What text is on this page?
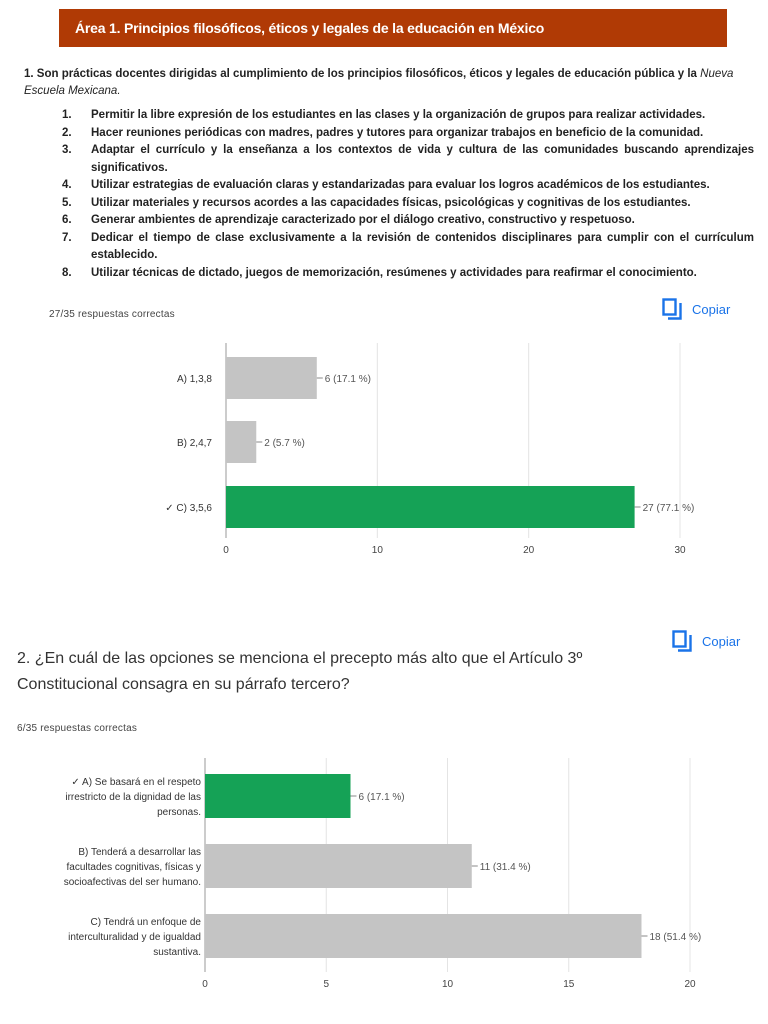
Área 1. Principios filosóficos, éticos y legales de la educación en México
1. Son prácticas docentes dirigidas al cumplimiento de los principios filosóficos, éticos y legales de educación pública y la Nueva Escuela Mexicana.
1. Permitir la libre expresión de los estudiantes en las clases y la organización de grupos para realizar actividades.
2. Hacer reuniones periódicas con madres, padres y tutores para organizar trabajos en beneficio de la comunidad.
3. Adaptar el currículo y la enseñanza a los contextos de vida y cultura de las comunidades buscando aprendizajes significativos.
4. Utilizar estrategias de evaluación claras y estandarizadas para evaluar los logros académicos de los estudiantes.
5. Utilizar materiales y recursos acordes a las capacidades físicas, psicológicas y cognitivas de los estudiantes.
6. Generar ambientes de aprendizaje caracterizado por el diálogo creativo, constructivo y respetuoso.
7. Dedicar el tiempo de clase exclusivamente a la revisión de contenidos disciplinares para cumplir con el currículum establecido.
8. Utilizar técnicas de dictado, juegos de memorización, resúmenes y actividades para reafirmar el conocimiento.
27/35 respuestas correctas	Copiar
0	10	20	30
6 (17.1 %)
A) 1,3,8
2 (5.7 %)
B) 2,4,7
27 (77.1 %)
✓ C) 3,5,6
Copiar
2. ¿En cuál de las opciones se menciona el precepto más alto que el Artículo 3º Constitucional consagra en su párrafo tercero?
6/35 respuestas correctas
0	5	10	15	20
6 (17.1 %)
✓ A) Se basará en el respeto
irrestricto de la dignidad de las
personas.
11 (31.4 %)
B) Tenderá a desarrollar las
facultades cognitivas, físicas y
socioafectivas del ser humano.
18 (51.4 %)
C) Tendrá un enfoque de
interculturalidad y de igualdad
sustantiva.
